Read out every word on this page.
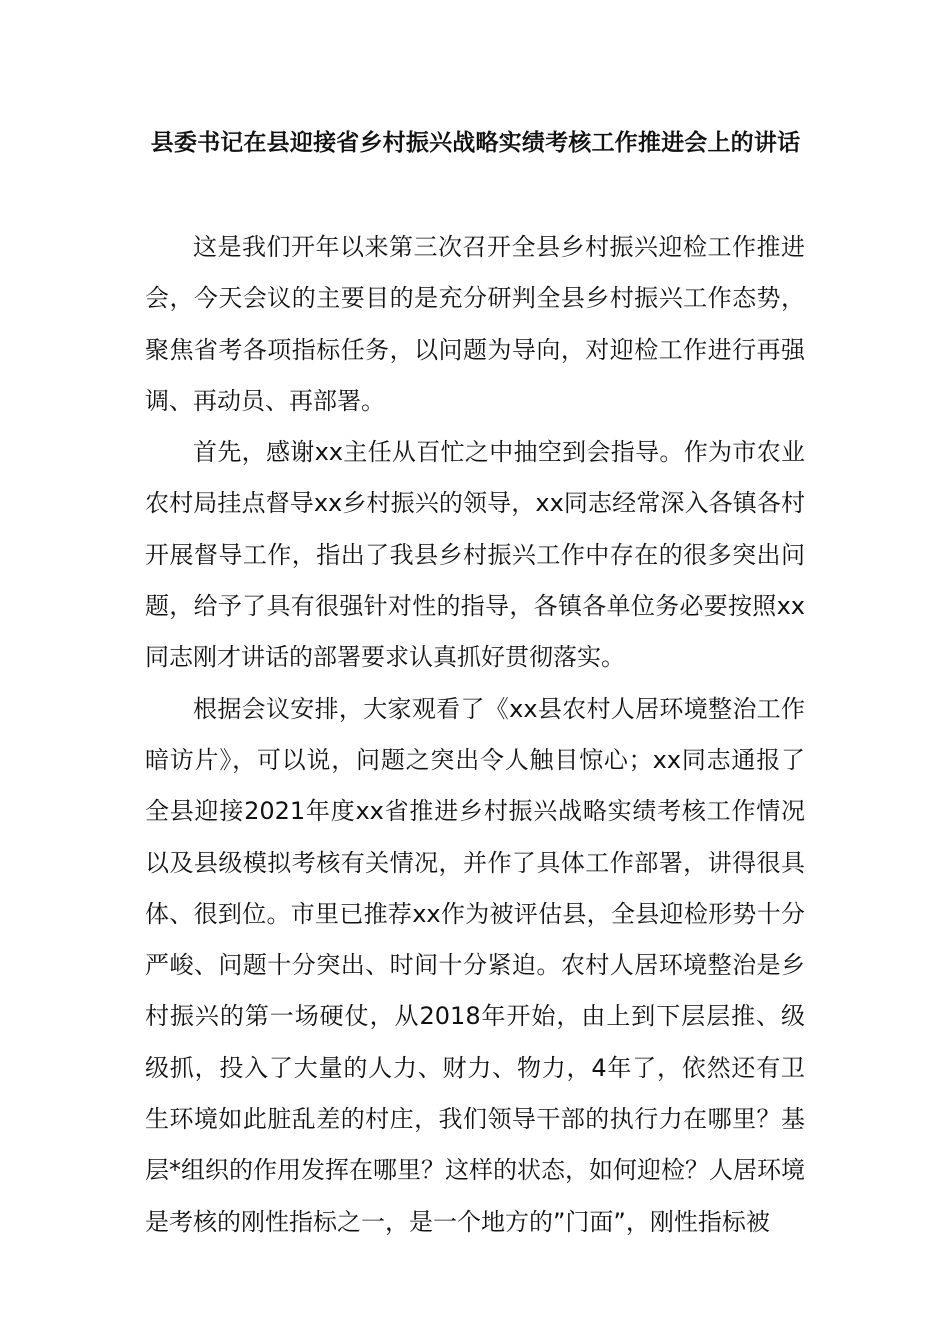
县委书记在县迎接省乡村振兴战略实绩考核工作推进会上的讲话

这是我们开年以来第三次召开全县乡村振兴迎检工作推进会，今天会议的主要目的是充分研判全县乡村振兴工作态势，聚焦省考各项指标任务，以问题为导向，对迎检工作进行再强调、再动员、再部署。

首先，感谢xx主任从百忙之中抽空到会指导。作为市农业农村局挂点督导xx乡村振兴的领导，xx同志经常深入各镇各村开展督导工作，指出了我县乡村振兴工作中存在的很多突出问题，给予了具有很强针对性的指导，各镇各单位务必要按照xx同志刚才讲话的部署要求认真抓好贯彻落实。

根据会议安排，大家观看了《xx县农村人居环境整治工作暗访片》，可以说，问题之突出令人触目惊心；xx同志通报了全县迎接2021年度xx省推进乡村振兴战略实绩考核工作情况以及县级模拟考核有关情况，并作了具体工作部署，讲得很具体、很到位。市里已推荐xx作为被评估县，全县迎检形势十分严峻、问题十分突出、时间十分紧迫。农村人居环境整治是乡村振兴的第一场硬仗，从2018年开始，由上到下层层推、级级抓，投入了大量的人力、财力、物力，4年了，依然还有卫生环境如此脏乱差的村庄，我们领导干部的执行力在哪里？基层*组织的作用发挥在哪里？这样的状态，如何迎检？人居环境是考核的刚性指标之一，是一个地方的”门面”，刚性指标被
